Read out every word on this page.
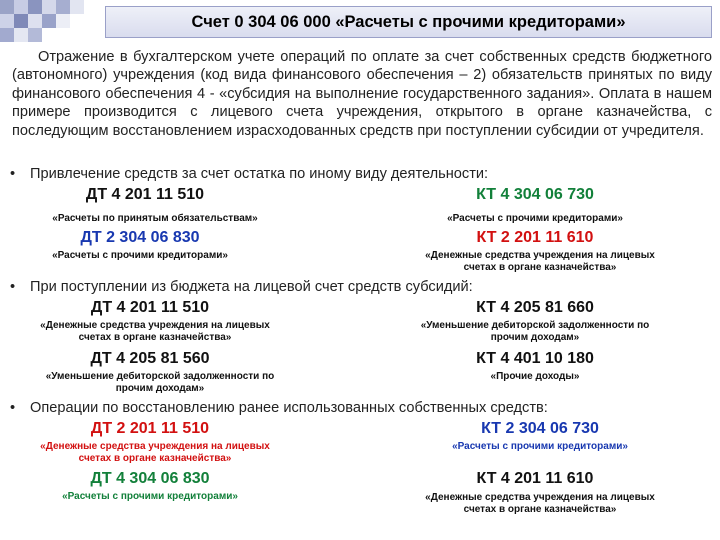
Счет 0 304 06 000 «Расчеты с прочими кредиторами»
Отражение в бухгалтерском учете операций по оплате за счет собственных средств бюджетного (автономного) учреждения (код вида финансового обеспечения – 2) обязательств принятых по виду финансового обеспечения 4 - «субсидия на выполнение государственного задания». Оплата в нашем примере производится с лицевого счета учреждения, открытого в органе казначейства, с последующим восстановлением израсходованных средств при поступлении субсидии от учредителя.
• Привлечение средств за счет остатка по иному виду деятельности:
ДТ 4 201 11 510
«Расчеты по принятым обязательствам»
КТ 4 304 06 730
«Расчеты с прочими кредиторами»
ДТ 2 304 06 830
«Расчеты с прочими кредиторами»
КТ 2 201 11 610
«Денежные средства учреждения на лицевых
счетах в органе казначейства»
• При поступлении из бюджета на лицевой счет средств субсидий:
ДТ 4 201 11 510
«Денежные средства учреждения на лицевых
счетах в органе казначейства»
КТ 4 205 81 660
«Уменьшение дебиторской задолженности по
прочим доходам»
ДТ 4 205 81 560
«Уменьшение дебиторской задолженности по
прочим доходам»
КТ 4 401 10 180
«Прочие доходы»
• Операции по восстановлению ранее использованных собственных средств:
ДТ 2 201 11 510
«Денежные средства учреждения на лицевых
счетах в органе казначейства»
КТ 2 304 06 730
«Расчеты с прочими кредиторами»
ДТ 4 304 06 830
«Расчеты с прочими кредиторами»
КТ 4 201 11 610
«Денежные средства учреждения на лицевых
счетах в органе казначейства»
